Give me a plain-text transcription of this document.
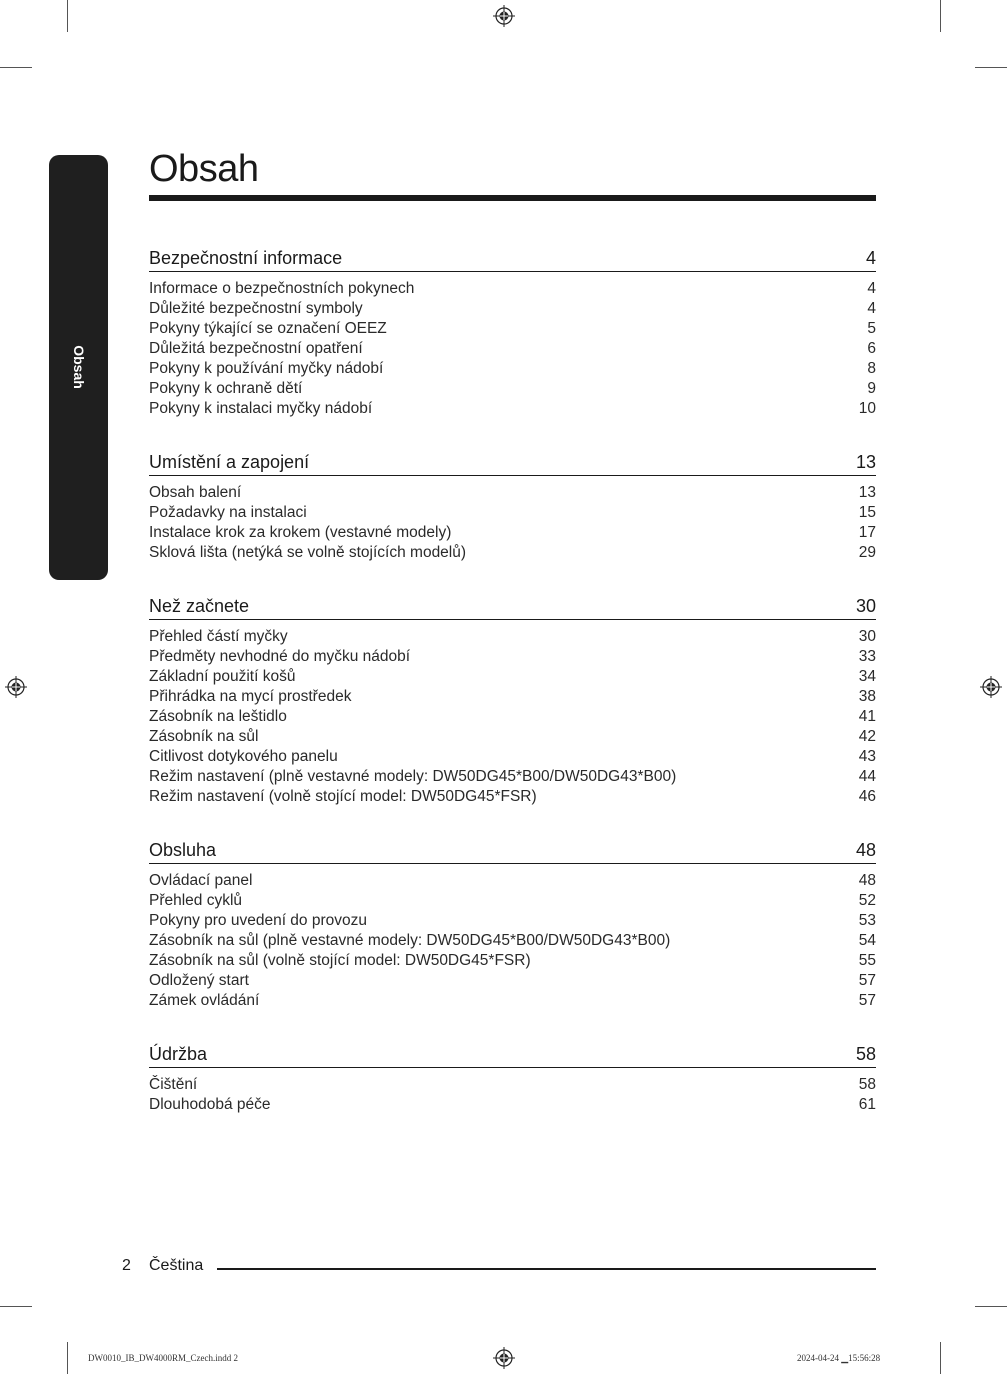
Obsah
Obsah
Bezpečnostní informace	4
Informace o bezpečnostních pokynech	4
Důležité bezpečnostní symboly	4
Pokyny týkající se označení OEEZ	5
Důležitá bezpečnostní opatření	6
Pokyny k používání myčky nádobí	8
Pokyny k ochraně dětí	9
Pokyny k instalaci myčky nádobí	10
Umístění a zapojení	13
Obsah balení	13
Požadavky na instalaci	15
Instalace krok za krokem (vestavné modely)	17
Sklová lišta (netýká se volně stojících modelů)	29
Než začnete	30
Přehled částí myčky	30
Předměty nevhodné do myčku nádobí	33
Základní použití košů	34
Přihrádka na mycí prostředek	38
Zásobník na leštidlo	41
Zásobník na sůl	42
Citlivost dotykového panelu	43
Režim nastavení (plně vestavné modely: DW50DG45*B00/DW50DG43*B00)	44
Režim nastavení (volně stojící model: DW50DG45*FSR)	46
Obsluha	48
Ovládací panel	48
Přehled cyklů	52
Pokyny pro uvedení do provozu	53
Zásobník na sůl (plně vestavné modely: DW50DG45*B00/DW50DG43*B00)	54
Zásobník na sůl (volně stojící model: DW50DG45*FSR)	55
Odložený start	57
Zámek ovládání	57
Údržba	58
Čištění	58
Dlouhodobá péče	61
2 Čeština
DW0010_IB_DW4000RM_Czech.indd 2	2024-04-24 ▁15:56:28
